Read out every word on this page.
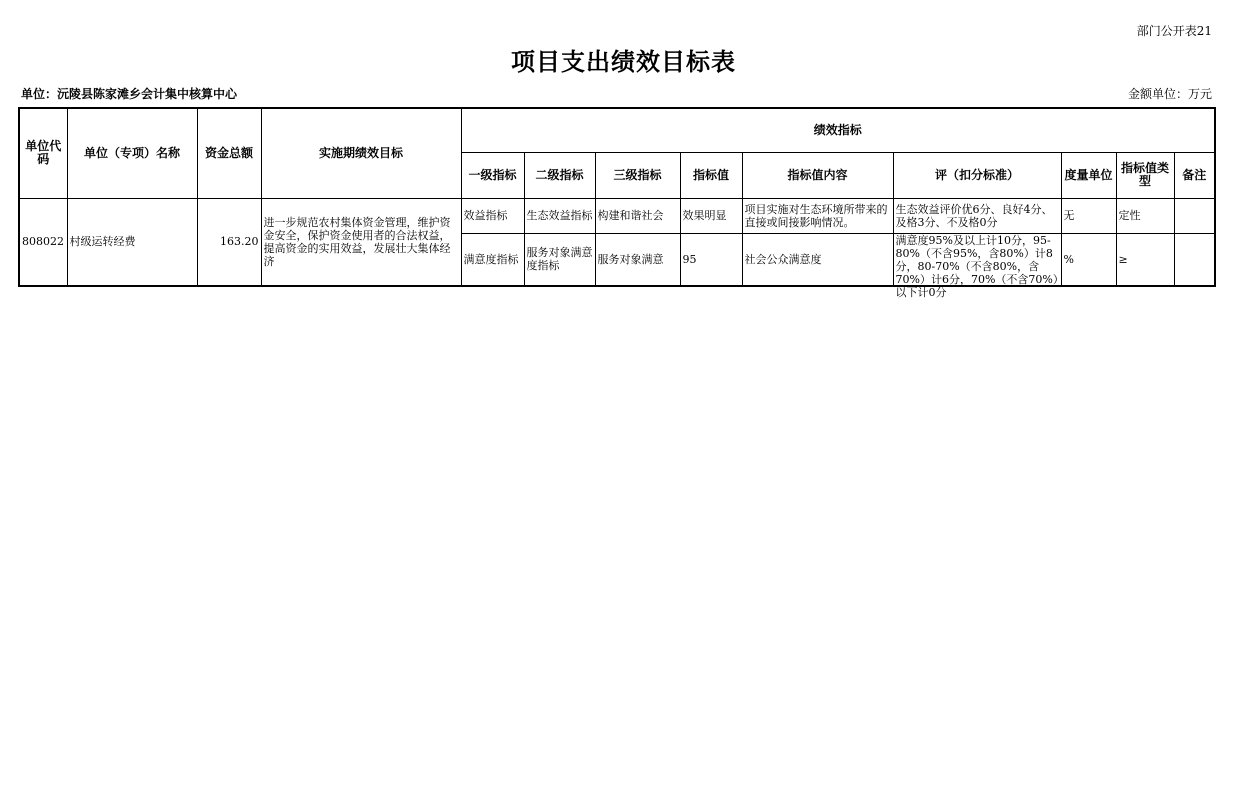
部门公开表21
项目支出绩效目标表
单位：沅陵县陈家滩乡会计集中核算中心	金额单位：万元
单位代码	单位（专项）名称	资金总额	实施期绩效目标	绩效指标								
				一级指标	二级指标	三级指标	指标值	指标值内容	评（扣分标准）	度量单位	指标值类型	备注
808022	村级运转经费	163.20	进一步规范农村集体资金管理，维护资金安全，保护资金使用者的合法权益，提高资金的实用效益，发展壮大集体经济	效益指标	生态效益指标	构建和谐社会	效果明显	项目实施对生态环境所带来的直接或间接影响情况。	生态效益评价优6分、良好4分、及格3分、不及格0分	无	定性	
				满意度指标	服务对象满意度指标	服务对象满意	95	社会公众满意度	满意度95%及以上计10分，95-80%（不含95%，含80%）计8分，80-70%（不含80%，含70%）计6分，70%（不含70%）以下计0分	%	≥	
